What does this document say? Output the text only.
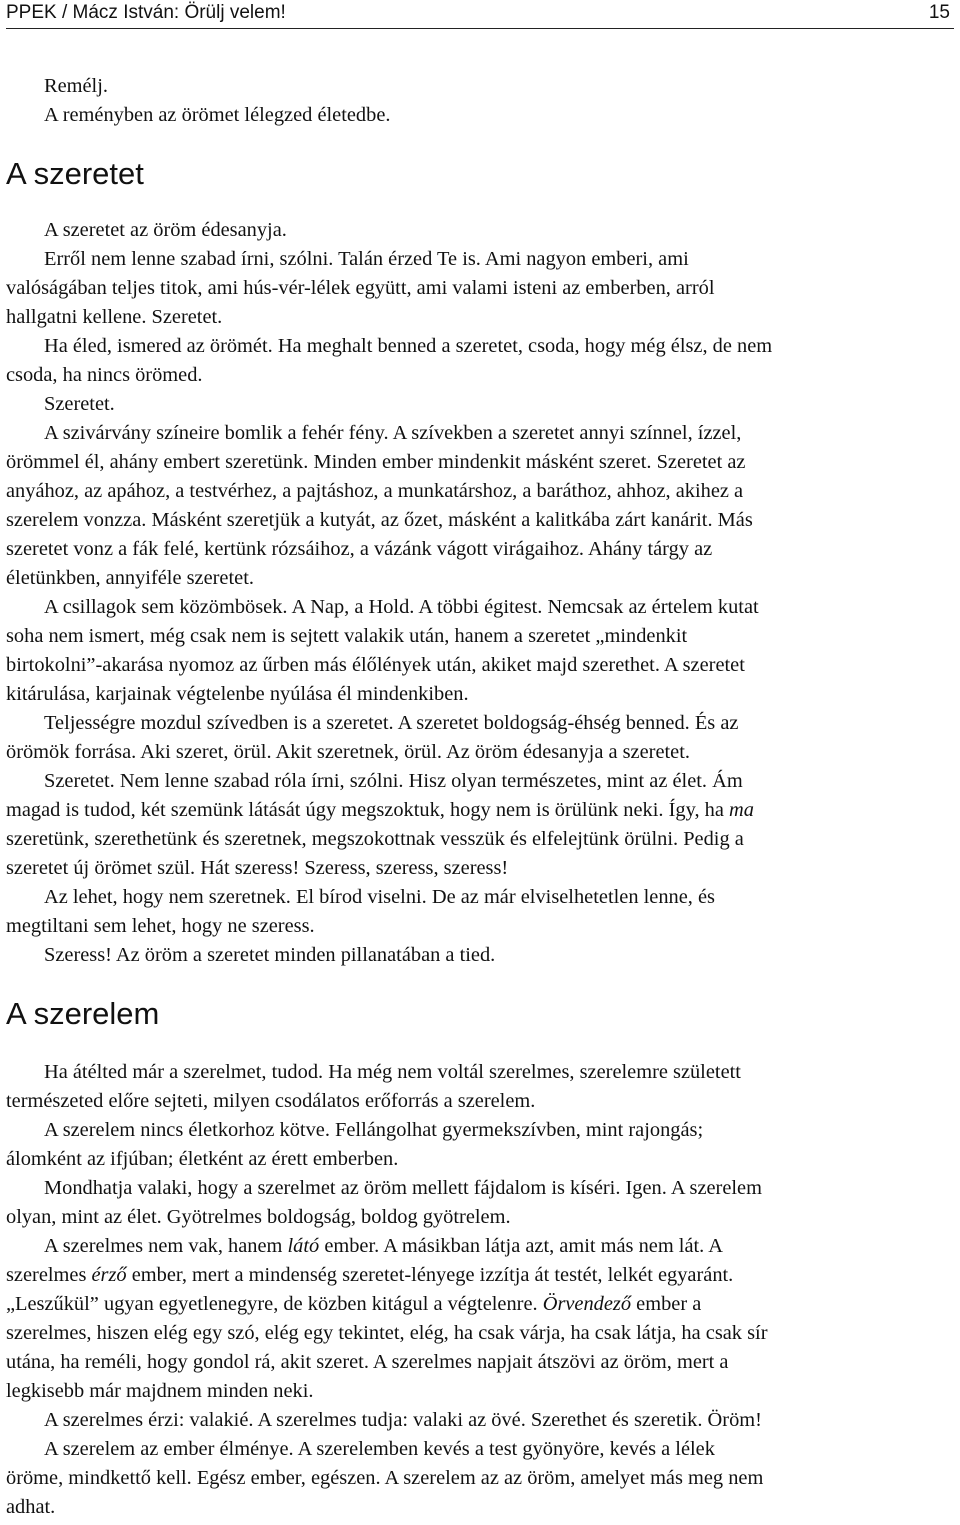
PPEK / Mácz István: Örülj velem!	15
Remélj.
A reményben az örömet lélegzed életedbe.
A szeretet
A szeretet az öröm édesanyja.
Erről nem lenne szabad írni, szólni. Talán érzed Te is. Ami nagyon emberi, ami
valóságában teljes titok, ami hús-vér-lélek együtt, ami valami isteni az emberben, arról
hallgatni kellene. Szeretet.
Ha éled, ismered az örömét. Ha meghalt benned a szeretet, csoda, hogy még élsz, de nem
csoda, ha nincs örömed.
Szeretet.
A szivárvány színeire bomlik a fehér fény. A szívekben a szeretet annyi színnel, ízzel,
örömmel él, ahány embert szeretünk. Minden ember mindenkit másként szeret. Szeretet az
anyához, az apához, a testvérhez, a pajtáshoz, a munkatárshoz, a baráthoz, ahhoz, akihez a
szerelem vonzza. Másként szeretjük a kutyát, az őzet, másként a kalitkába zárt kanárit. Más
szeretet vonz a fák felé, kertünk rózsáihoz, a vázánk vágott virágaihoz. Ahány tárgy az
életünkben, annyiféle szeretet.
A csillagok sem közömbösek. A Nap, a Hold. A többi égitest. Nemcsak az értelem kutat
soha nem ismert, még csak nem is sejtett valakik után, hanem a szeretet „mindenkit
birtokolni”-akarása nyomoz az űrben más élőlények után, akiket majd szerethet. A szeretet
kitárulása, karjainak végtelenbe nyúlása él mindenkiben.
Teljességre mozdul szívedben is a szeretet. A szeretet boldogság-éhség benned. És az
örömök forrása. Aki szeret, örül. Akit szeretnek, örül. Az öröm édesanyja a szeretet.
Szeretet. Nem lenne szabad róla írni, szólni. Hisz olyan természetes, mint az élet. Ám
magad is tudod, két szemünk látását úgy megszoktuk, hogy nem is örülünk neki. Így, ha ma
szeretünk, szerethetünk és szeretnek, megszokottnak vesszük és elfelejtünk örülni. Pedig a
szeretet új örömet szül. Hát szeress! Szeress, szeress, szeress!
Az lehet, hogy nem szeretnek. El bírod viselni. De az már elviselhetetlen lenne, és
megtiltani sem lehet, hogy ne szeress.
Szeress! Az öröm a szeretet minden pillanatában a tied.
A szerelem
Ha átélted már a szerelmet, tudod. Ha még nem voltál szerelmes, szerelemre született
természeted előre sejteti, milyen csodálatos erőforrás a szerelem.
A szerelem nincs életkorhoz kötve. Fellángolhat gyermekszívben, mint rajongás;
álomként az ifjúban; életként az érett emberben.
Mondhatja valaki, hogy a szerelmet az öröm mellett fájdalom is kíséri. Igen. A szerelem
olyan, mint az élet. Gyötrelmes boldogság, boldog gyötrelem.
A szerelmes nem vak, hanem látó ember. A másikban látja azt, amit más nem lát. A
szerelmes érző ember, mert a mindenség szeretet-lényege izzítja át testét, lelkét egyaránt.
„Leszűkül” ugyan egyetlenegyre, de közben kitágul a végtelenre. Örvendező ember a
szerelmes, hiszen elég egy szó, elég egy tekintet, elég, ha csak várja, ha csak látja, ha csak sír
utána, ha reméli, hogy gondol rá, akit szeret. A szerelmes napjait átszövi az öröm, mert a
legkisebb már majdnem minden neki.
A szerelmes érzi: valakié. A szerelmes tudja: valaki az övé. Szerethet és szeretik. Öröm!
A szerelem az ember élménye. A szerelemben kevés a test gyönyöre, kevés a lélek
öröme, mindkettő kell. Egész ember, egészen. A szerelem az az öröm, amelyet más meg nem
adhat.
